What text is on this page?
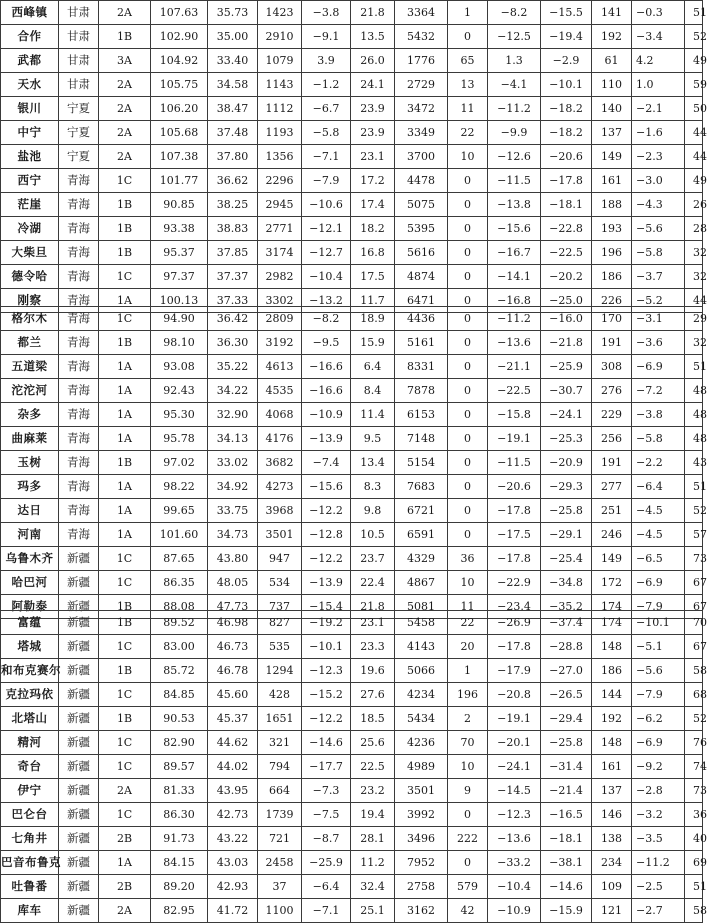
西峰镇	甘肃	2A	107.63	35.73	1423	−3.8	21.8	3364	1	−8.2	−15.5	141	−0.3	51
合作	甘肃	1B	102.90	35.00	2910	−9.1	13.5	5432	0	−12.5	−19.4	192	−3.4	52
武都	甘肃	3A	104.92	33.40	1079	3.9	26.0	1776	65	1.3	−2.9	61	4.2	49
天水	甘肃	2A	105.75	34.58	1143	−1.2	24.1	2729	13	−4.1	−10.1	110	1.0	59
银川	宁夏	2A	106.20	38.47	1112	−6.7	23.9	3472	11	−11.2	−18.2	140	−2.1	50
中宁	宁夏	2A	105.68	37.48	1193	−5.8	23.9	3349	22	−9.9	−18.2	137	−1.6	44
盐池	宁夏	2A	107.38	37.80	1356	−7.1	23.1	3700	10	−12.6	−20.6	149	−2.3	44
西宁	青海	1C	101.77	36.62	2296	−7.9	17.2	4478	0	−11.5	−17.8	161	−3.0	49
茫崖	青海	1B	90.85	38.25	2945	−10.6	17.4	5075	0	−13.8	−18.1	188	−4.3	26
冷湖	青海	1B	93.38	38.83	2771	−12.1	18.2	5395	0	−15.6	−22.8	193	−5.6	28
大柴旦	青海	1B	95.37	37.85	3174	−12.7	16.8	5616	0	−16.7	−22.5	196	−5.8	32
德令哈	青海	1C	97.37	37.37	2982	−10.4	17.5	4874	0	−14.1	−20.2	186	−3.7	32
刚察	青海	1A	100.13	37.33	3302	−13.2	11.7	6471	0	−16.8	−25.0	226	−5.2	44
格尔木	青海	1C	94.90	36.42	2809	−8.2	18.9	4436	0	−11.2	−16.0	170	−3.1	29
都兰	青海	1B	98.10	36.30	3192	−9.5	15.9	5161	0	−13.6	−21.8	191	−3.6	32
五道梁	青海	1A	93.08	35.22	4613	−16.6	6.4	8331	0	−21.1	−25.9	308	−6.9	51
沱沱河	青海	1A	92.43	34.22	4535	−16.6	8.4	7878	0	−22.5	−30.7	276	−7.2	48
杂多	青海	1A	95.30	32.90	4068	−10.9	11.4	6153	0	−15.8	−24.1	229	−3.8	48
曲麻莱	青海	1A	95.78	34.13	4176	−13.9	9.5	7148	0	−19.1	−25.3	256	−5.8	48
玉树	青海	1B	97.02	33.02	3682	−7.4	13.4	5154	0	−11.5	−20.9	191	−2.2	43
玛多	青海	1A	98.22	34.92	4273	−15.6	8.3	7683	0	−20.6	−29.3	277	−6.4	51
达日	青海	1A	99.65	33.75	3968	−12.2	9.8	6721	0	−17.8	−25.8	251	−4.5	52
河南	青海	1A	101.60	34.73	3501	−12.8	10.5	6591	0	−17.5	−29.1	246	−4.5	57
乌鲁木齐	新疆	1C	87.65	43.80	947	−12.2	23.7	4329	36	−17.8	−25.4	149	−6.5	73
哈巴河	新疆	1C	86.35	48.05	534	−13.9	22.4	4867	10	−22.9	−34.8	172	−6.9	67
阿勒泰	新疆	1B	88.08	47.73	737	−15.4	21.8	5081	11	−23.4	−35.2	174	−7.9	67
富蕴	新疆	1B	89.52	46.98	827	−19.2	23.1	5458	22	−26.9	−37.4	174	−10.1	70
塔城	新疆	1C	83.00	46.73	535	−10.1	23.3	4143	20	−17.8	−28.8	148	−5.1	67
和布克赛尔	新疆	1B	85.72	46.78	1294	−12.3	19.6	5066	1	−17.9	−27.0	186	−5.6	58
克拉玛依	新疆	1C	84.85	45.60	428	−15.2	27.6	4234	196	−20.8	−26.5	144	−7.9	68
北塔山	新疆	1B	90.53	45.37	1651	−12.2	18.5	5434	2	−19.1	−29.4	192	−6.2	52
精河	新疆	1C	82.90	44.62	321	−14.6	25.6	4236	70	−20.1	−25.8	148	−6.9	76
奇台	新疆	1C	89.57	44.02	794	−17.7	22.5	4989	10	−24.1	−31.4	161	−9.2	74
伊宁	新疆	2A	81.33	43.95	664	−7.3	23.2	3501	9	−14.5	−21.4	137	−2.8	73
巴仑台	新疆	1C	86.30	42.73	1739	−7.5	19.4	3992	0	−12.3	−16.5	146	−3.2	36
七角井	新疆	2B	91.73	43.22	721	−8.7	28.1	3496	222	−13.6	−18.1	138	−3.5	40
巴音布鲁克	新疆	1A	84.15	43.03	2458	−25.9	11.2	7952	0	−33.2	−38.1	234	−11.2	69
吐鲁番	新疆	2B	89.20	42.93	37	−6.4	32.4	2758	579	−10.4	−14.6	109	−2.5	51
库车	新疆	2A	82.95	41.72	1100	−7.1	25.1	3162	42	−10.9	−15.9	121	−2.7	58
